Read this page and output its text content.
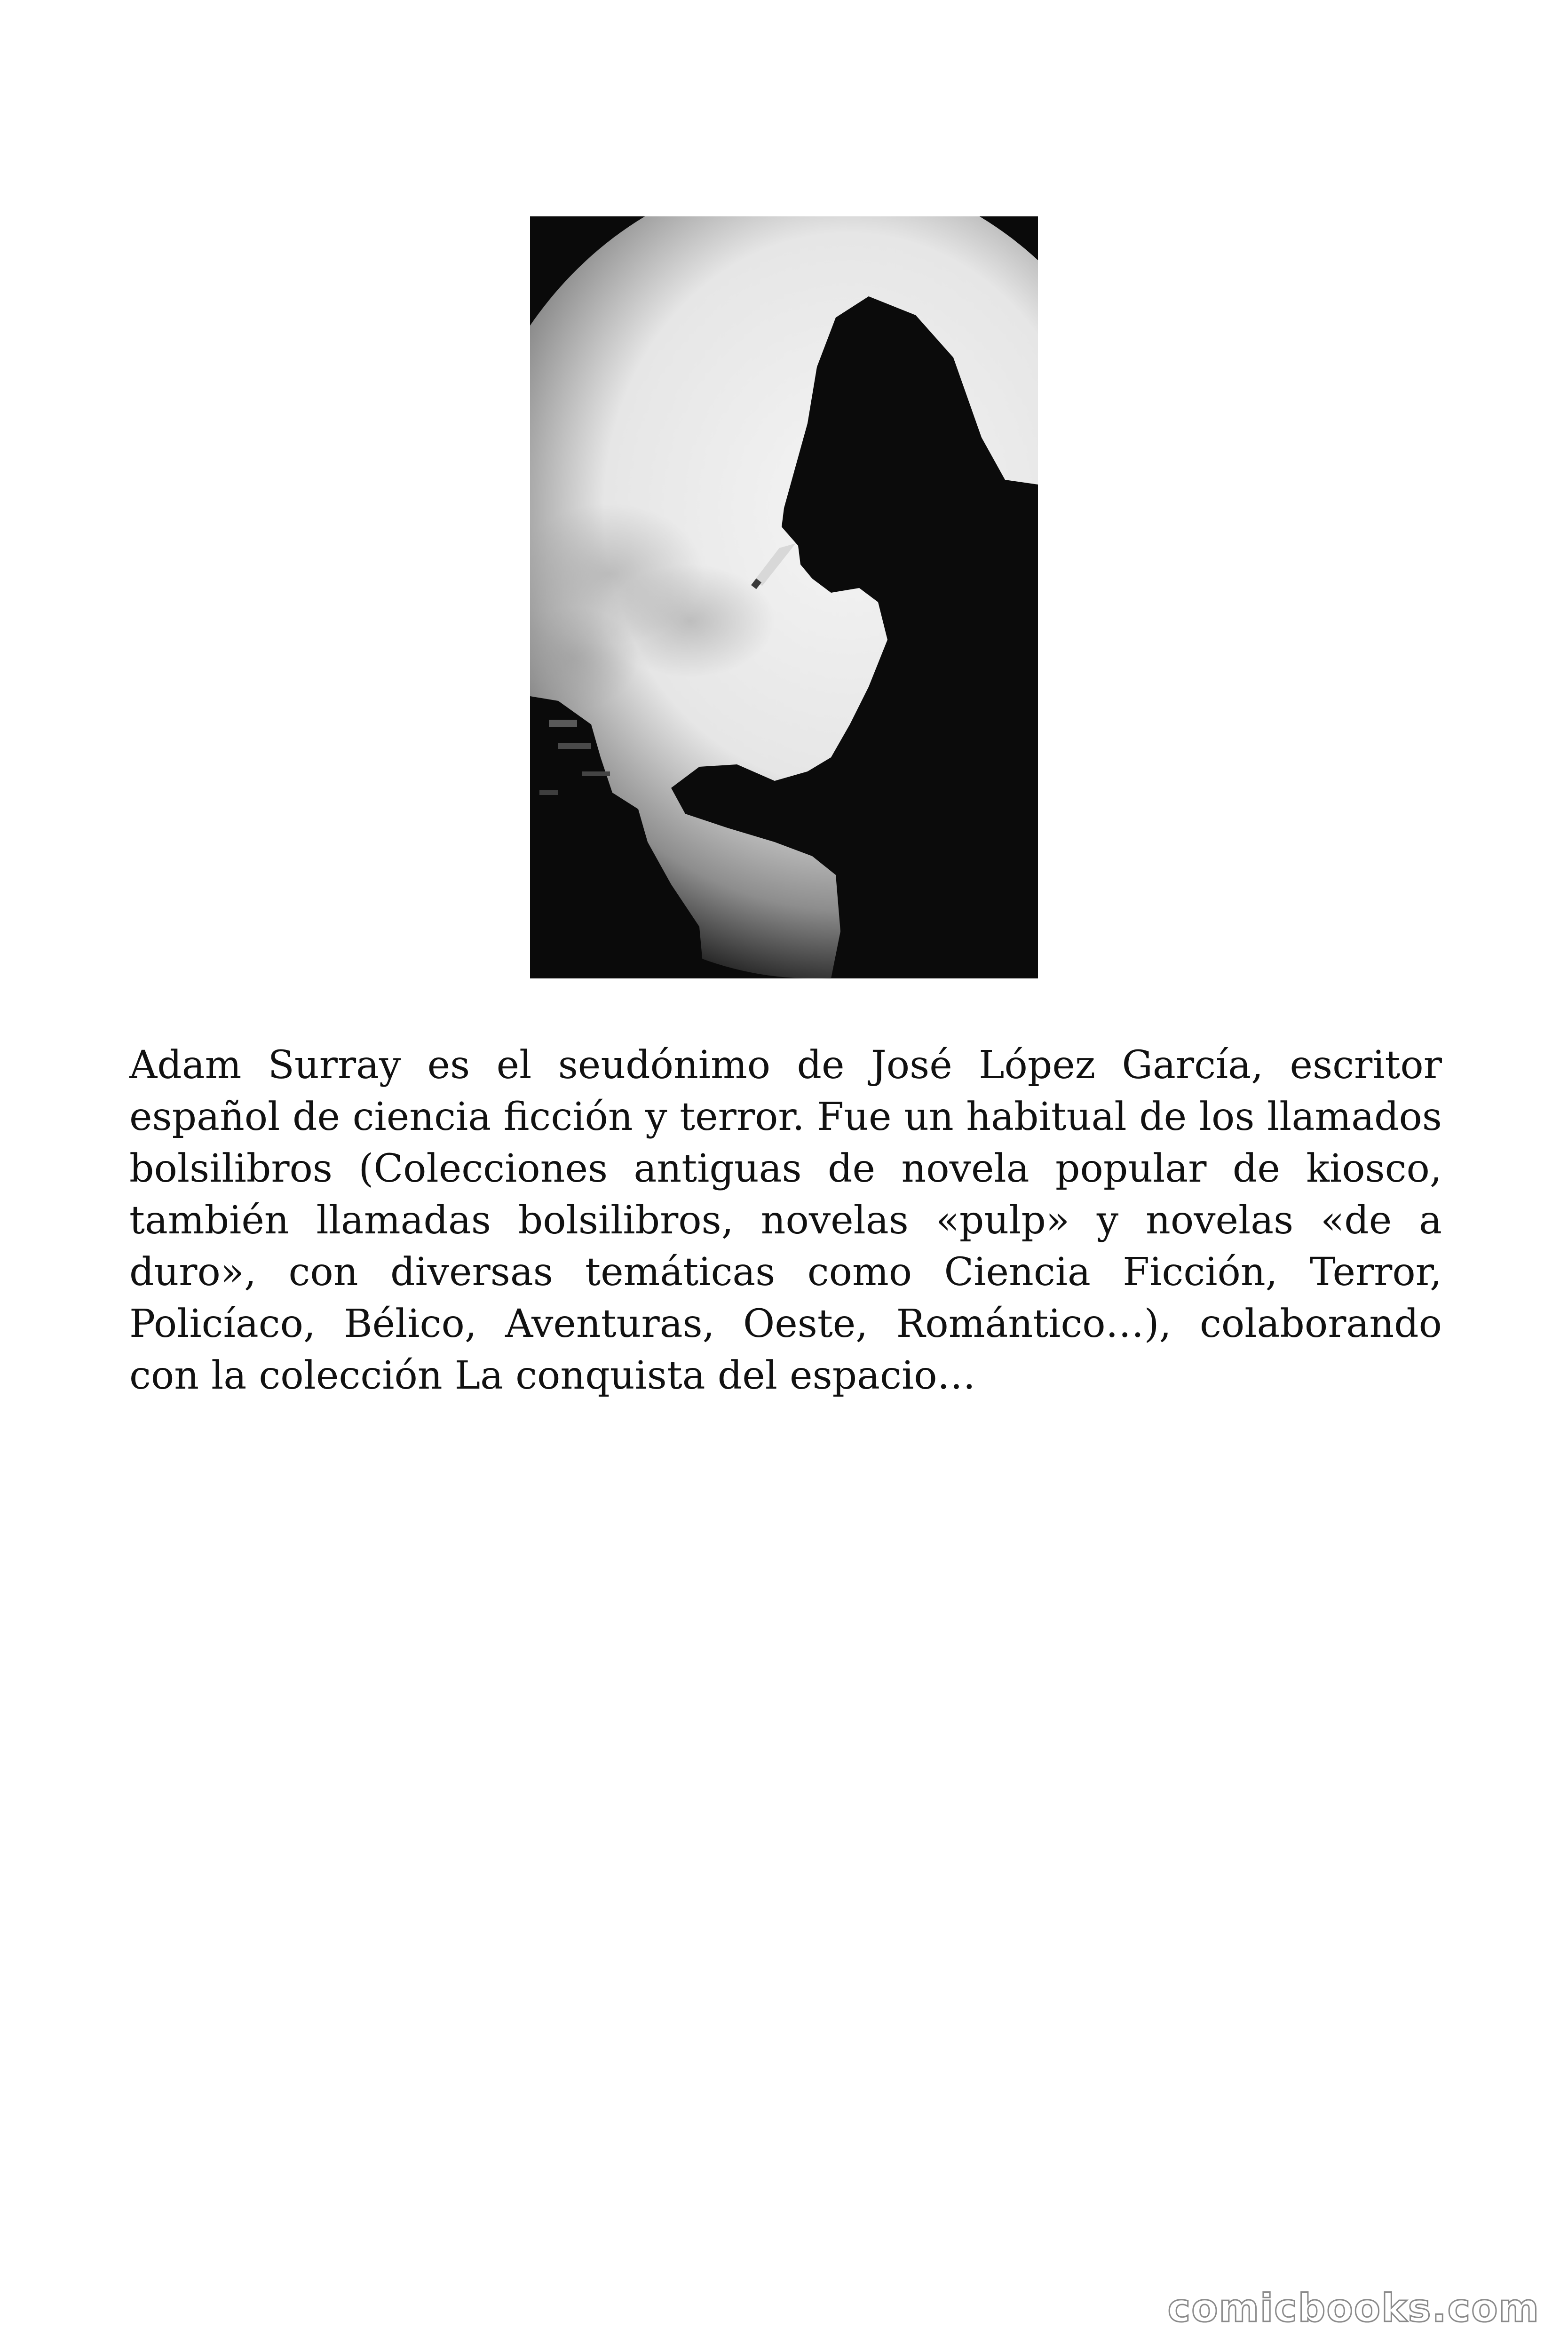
Adam Surray es el seudónimo de José López García, escritor español de ciencia ficción y terror. Fue un habitual de los llamados bolsilibros (Colecciones antiguas de novela popular de kiosco, también llamadas bolsilibros, novelas «pulp» y novelas «de a duro», con diversas temáticas como Ciencia Ficción, Terror, Policíaco, Bélico, Aventuras, Oeste, Romántico…), colaborando con la colección La conquista del espacio…

comicbooks.com
